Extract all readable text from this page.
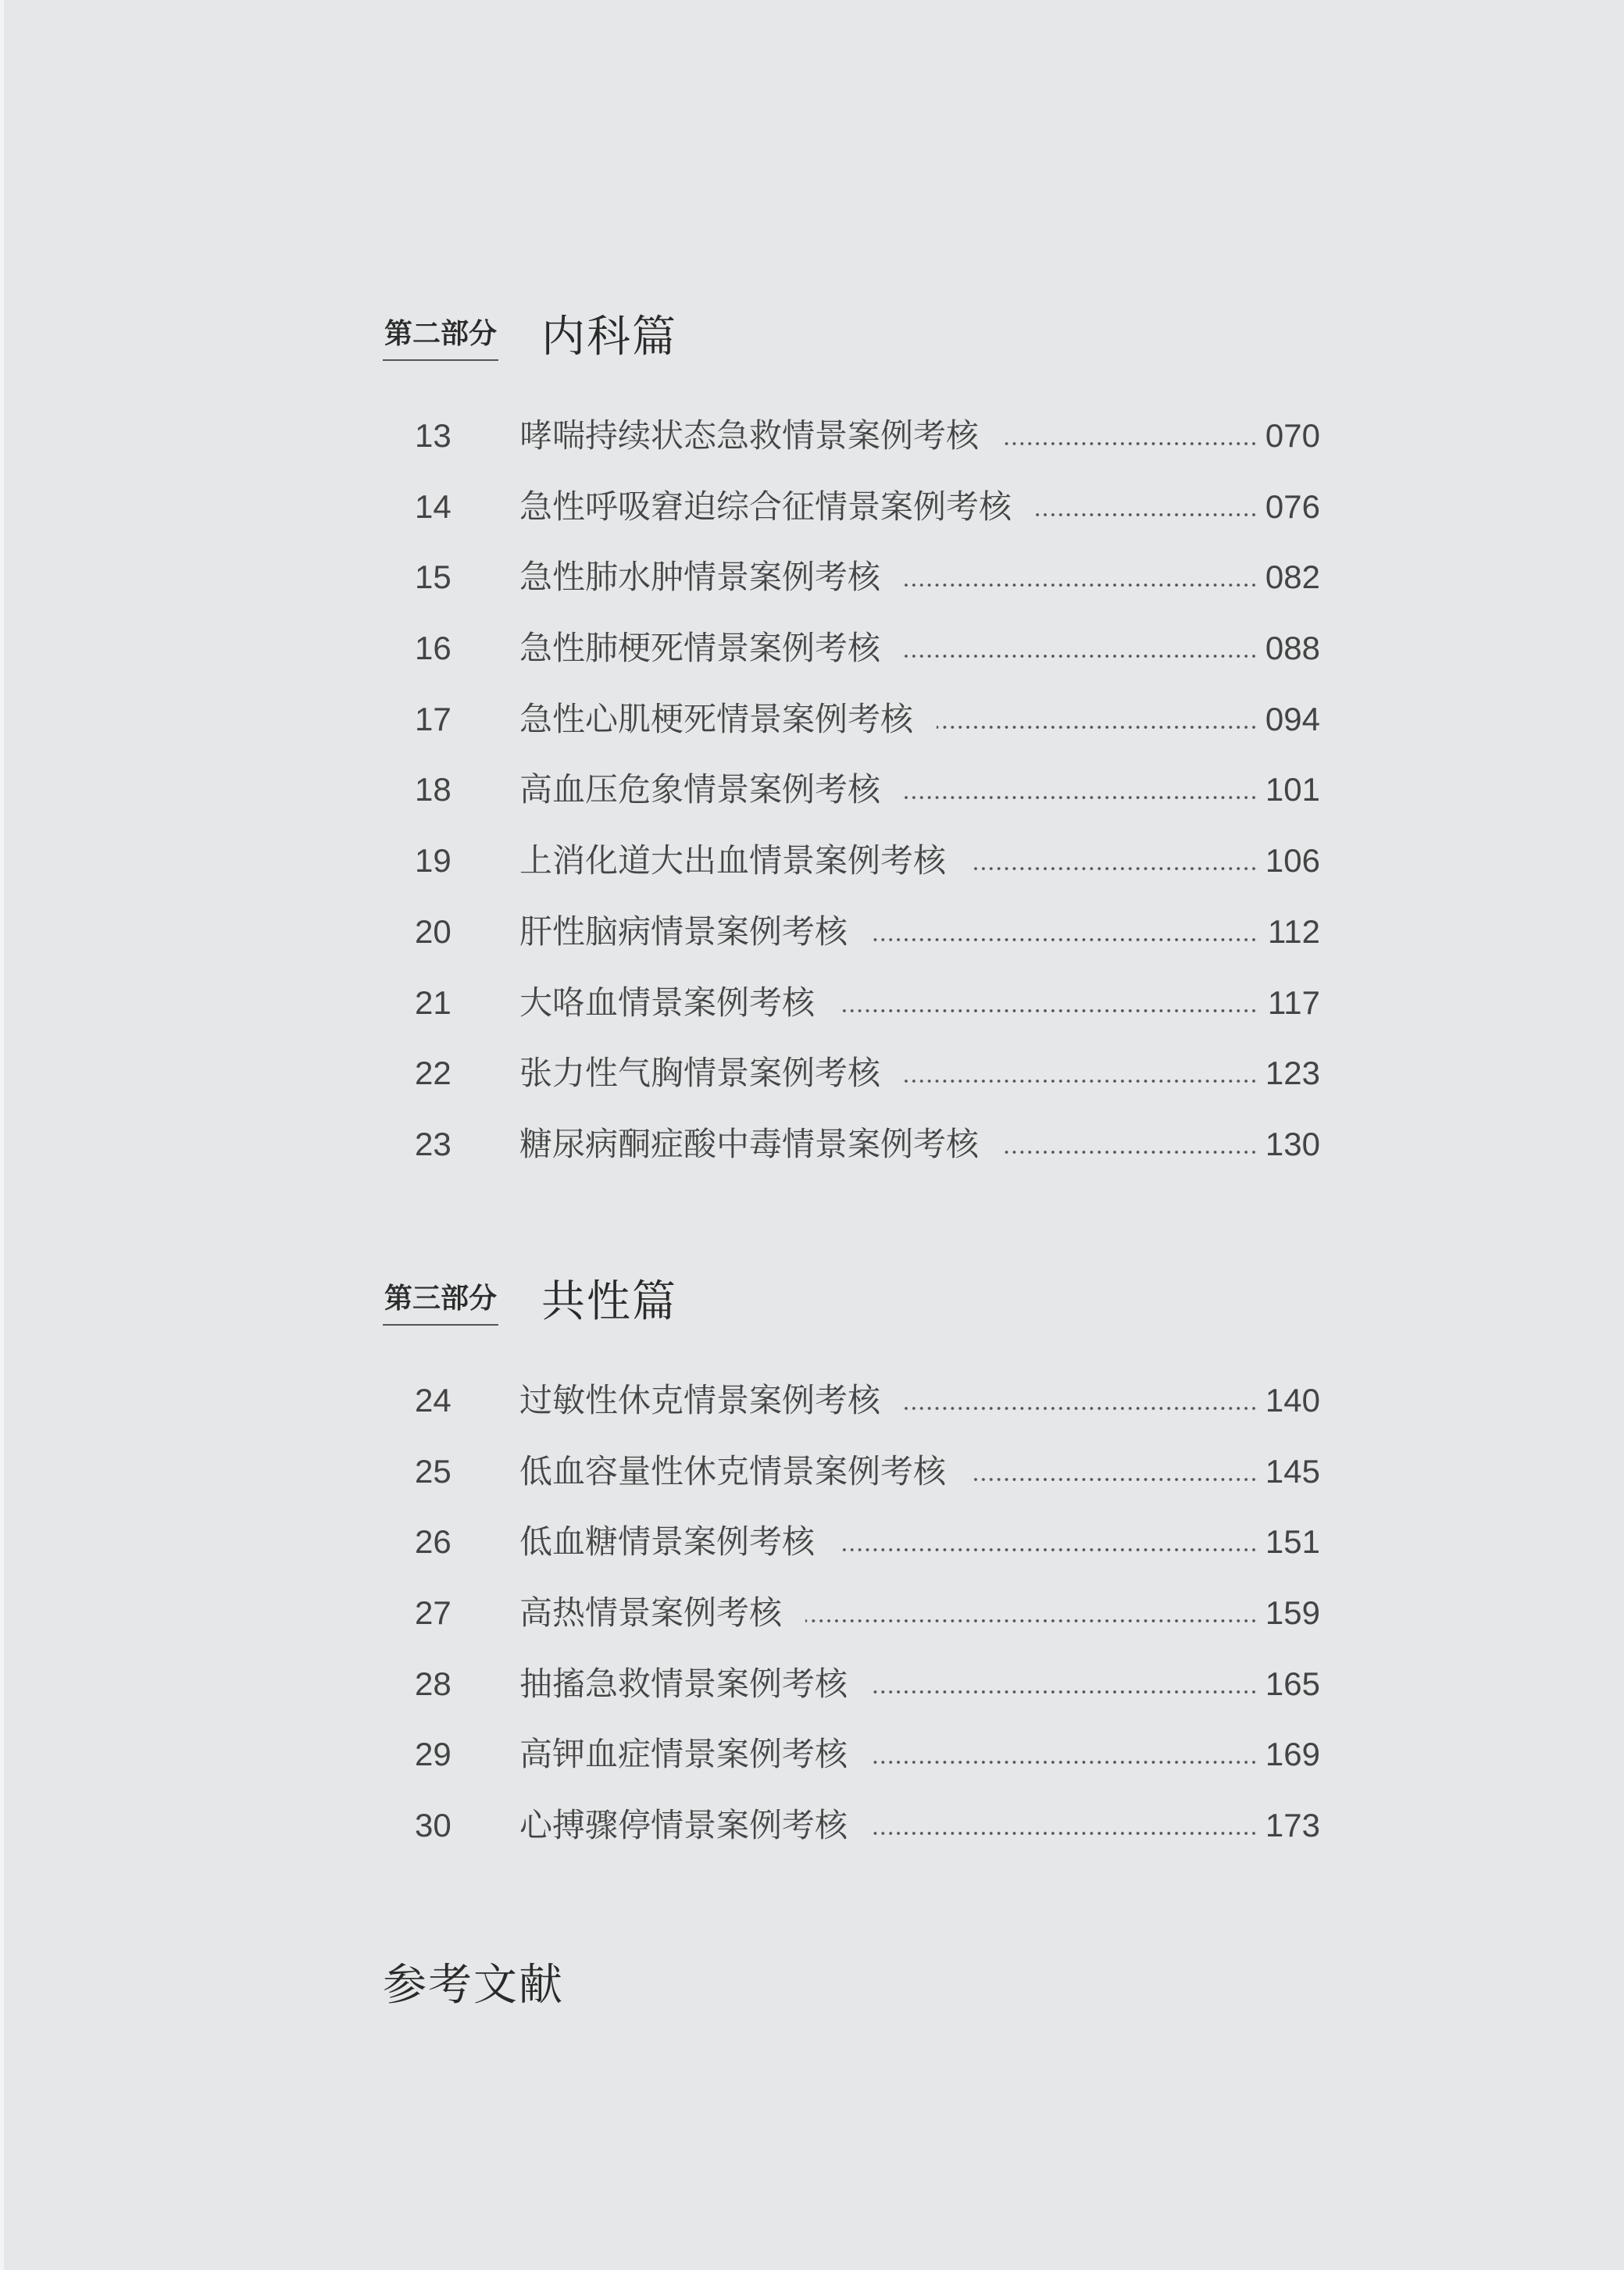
第二部分 内科篇
13	哮喘持续状态急救情景案例考核	070
14	急性呼吸窘迫综合征情景案例考核	076
15	急性肺水肿情景案例考核	082
16	急性肺梗死情景案例考核	088
17	急性心肌梗死情景案例考核	094
18	高血压危象情景案例考核	101
19	上消化道大出血情景案例考核	106
20	肝性脑病情景案例考核	112
21	大咯血情景案例考核	117
22	张力性气胸情景案例考核	123
23	糖尿病酮症酸中毒情景案例考核	130
第三部分 共性篇
24	过敏性休克情景案例考核	140
25	低血容量性休克情景案例考核	145
26	低血糖情景案例考核	151
27	高热情景案例考核	159
28	抽搐急救情景案例考核	165
29	高钾血症情景案例考核	169
30	心搏骤停情景案例考核	173
参考文献
